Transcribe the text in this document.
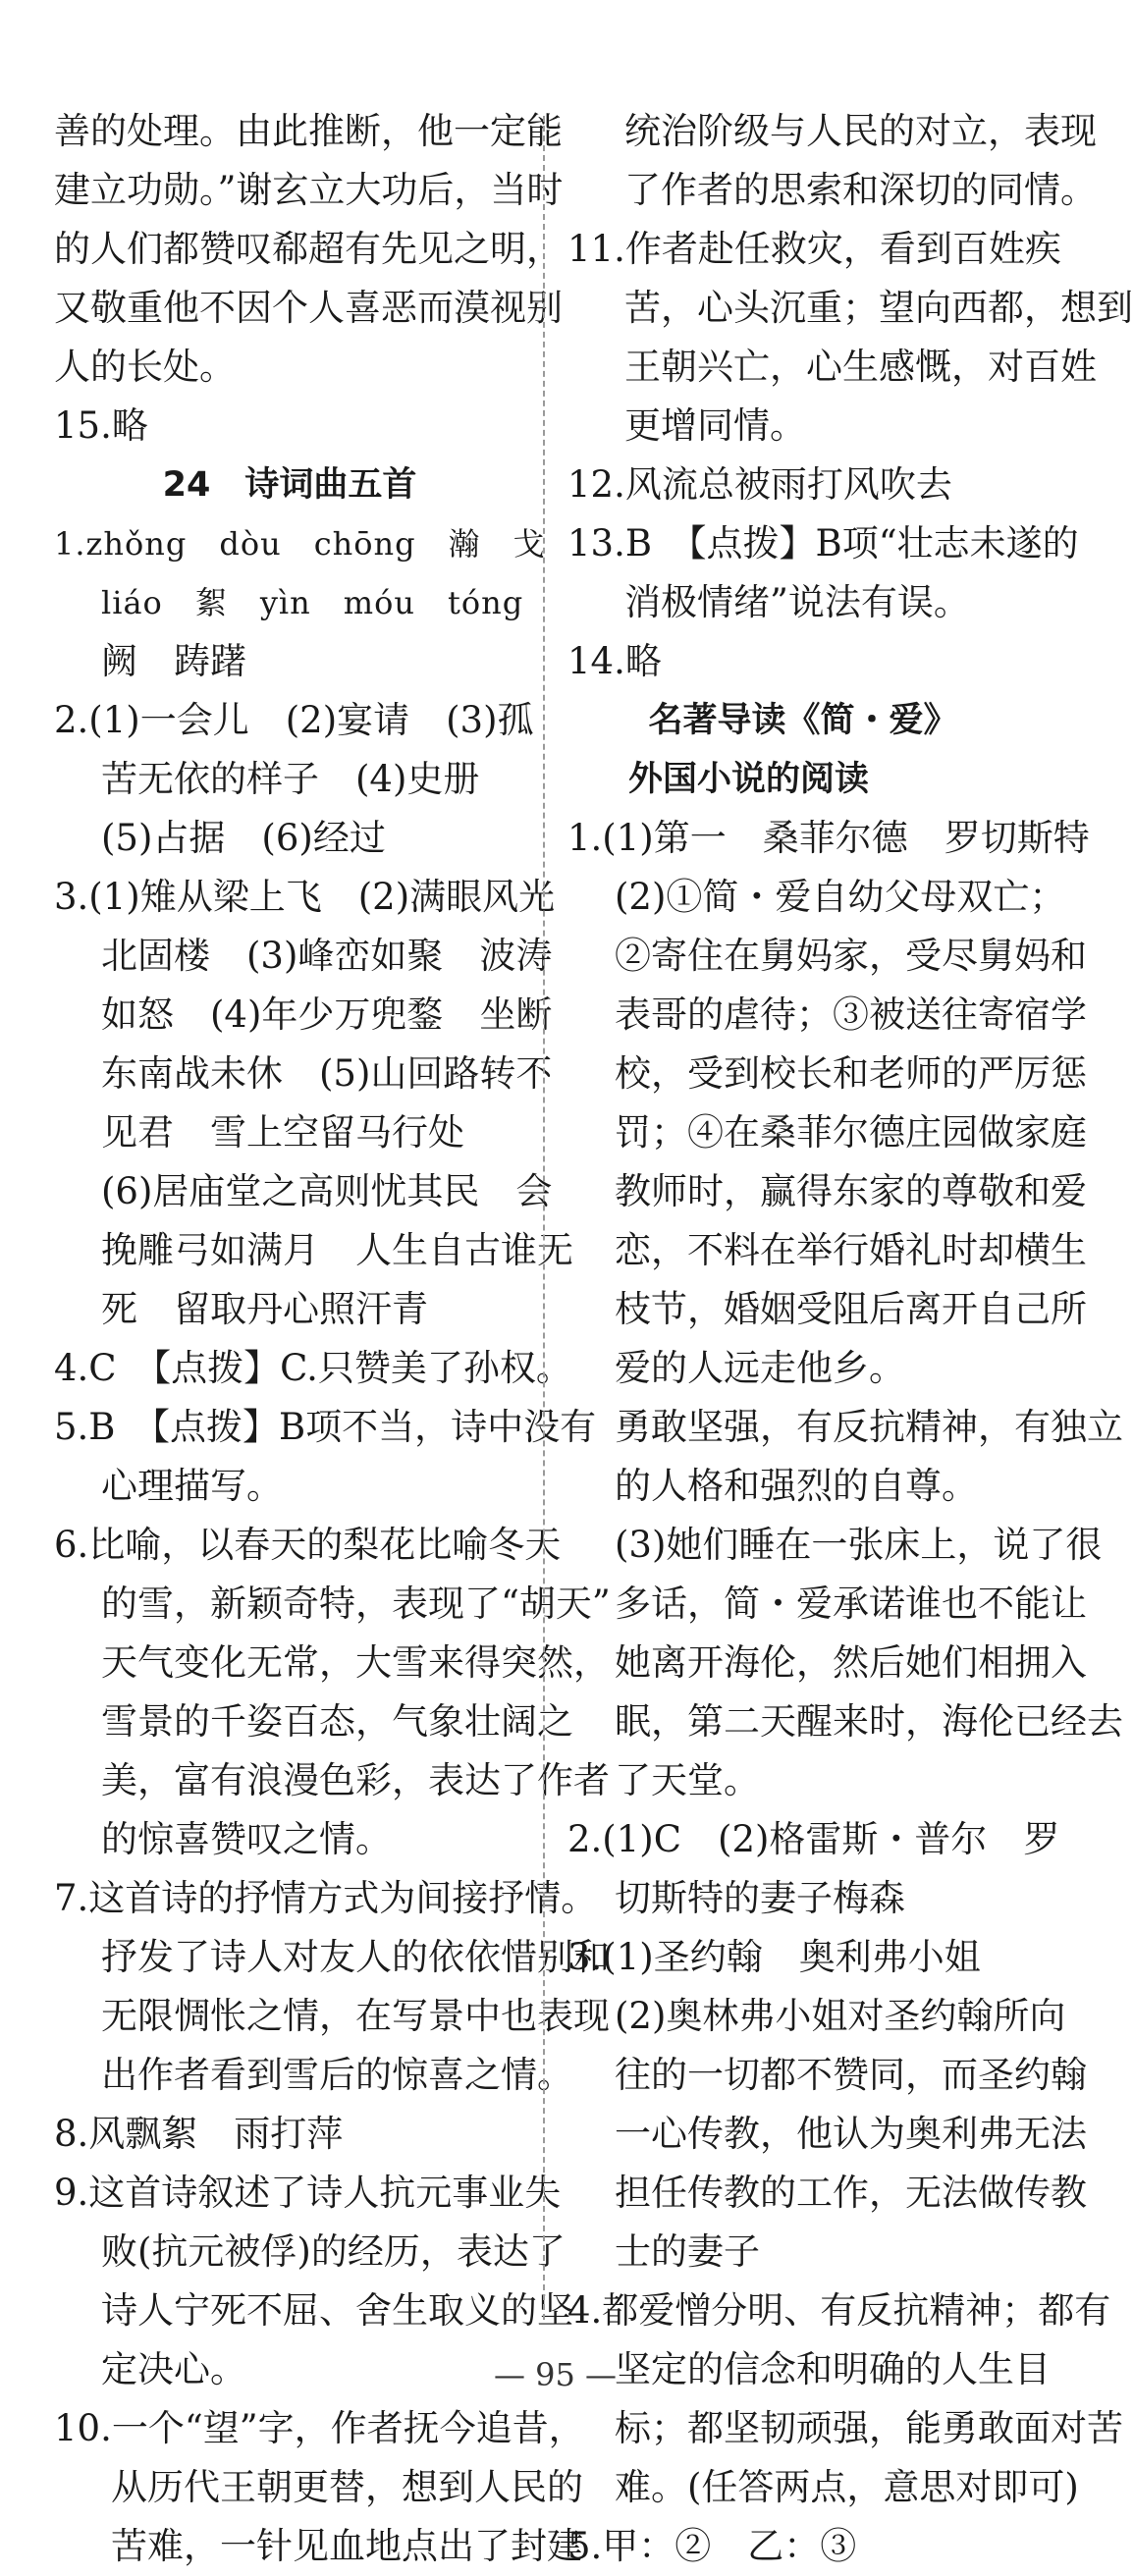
善的处理。由此推断，他一定能
建立功勋。”谢玄立大功后，当时
的人们都赞叹郗超有先见之明，
又敬重他不因个人喜恶而漠视别
人的长处。
15.略
24　诗词曲五首
1.zhǒng　dòu　chōng　瀚　戈
liáo　絮　yìn　móu　tóng
阙　踌躇
2.(1)一会儿　(2)宴请　(3)孤
苦无依的样子　(4)史册
(5)占据　(6)经过
3.(1)雉从梁上飞　(2)满眼风光
北固楼　(3)峰峦如聚　波涛
如怒　(4)年少万兜鍪　坐断
东南战未休　(5)山回路转不
见君　雪上空留马行处
(6)居庙堂之高则忧其民　会
挽雕弓如满月　人生自古谁无
死　留取丹心照汗青
4.C　【点拨】C.只赞美了孙权。
5.B　【点拨】B项不当，诗中没有
心理描写。
6.比喻，以春天的梨花比喻冬天
的雪，新颖奇特，表现了“胡天”
天气变化无常，大雪来得突然，
雪景的千姿百态，气象壮阔之
美，富有浪漫色彩，表达了作者
的惊喜赞叹之情。
7.这首诗的抒情方式为间接抒情。
抒发了诗人对友人的依依惜别和
无限惆怅之情，在写景中也表现
出作者看到雪后的惊喜之情。
8.风飘絮　雨打萍
9.这首诗叙述了诗人抗元事业失
败(抗元被俘)的经历，表达了
诗人宁死不屈、舍生取义的坚
定决心。
10.一个“望”字，作者抚今追昔，
从历代王朝更替，想到人民的
苦难，一针见血地点出了封建
统治阶级与人民的对立，表现
了作者的思索和深切的同情。
11.作者赴任救灾，看到百姓疾
苦，心头沉重；望向西都，想到
王朝兴亡，心生感慨，对百姓
更增同情。
12.风流总被雨打风吹去
13.B　【点拨】B项“壮志未遂的
消极情绪”说法有误。
14.略
名著导读《简・爱》
外国小说的阅读
1.(1)第一　桑菲尔德　罗切斯特
(2)①简・爱自幼父母双亡；
②寄住在舅妈家，受尽舅妈和
表哥的虐待；③被送往寄宿学
校，受到校长和老师的严厉惩
罚；④在桑菲尔德庄园做家庭
教师时，赢得东家的尊敬和爱
恋，不料在举行婚礼时却横生
枝节，婚姻受阻后离开自己所
爱的人远走他乡。
勇敢坚强，有反抗精神，有独立
的人格和强烈的自尊。
(3)她们睡在一张床上，说了很
多话，简・爱承诺谁也不能让
她离开海伦，然后她们相拥入
眠，第二天醒来时，海伦已经去
了天堂。
2.(1)C　(2)格雷斯・普尔　罗
切斯特的妻子梅森
3.(1)圣约翰　奥利弗小姐
(2)奥林弗小姐对圣约翰所向
往的一切都不赞同，而圣约翰
一心传教，他认为奥利弗无法
担任传教的工作，无法做传教
士的妻子
4.都爱憎分明、有反抗精神；都有
坚定的信念和明确的人生目
标；都坚韧顽强，能勇敢面对苦
难。(任答两点，意思对即可)
5.甲：②　乙：③
— 95 —
